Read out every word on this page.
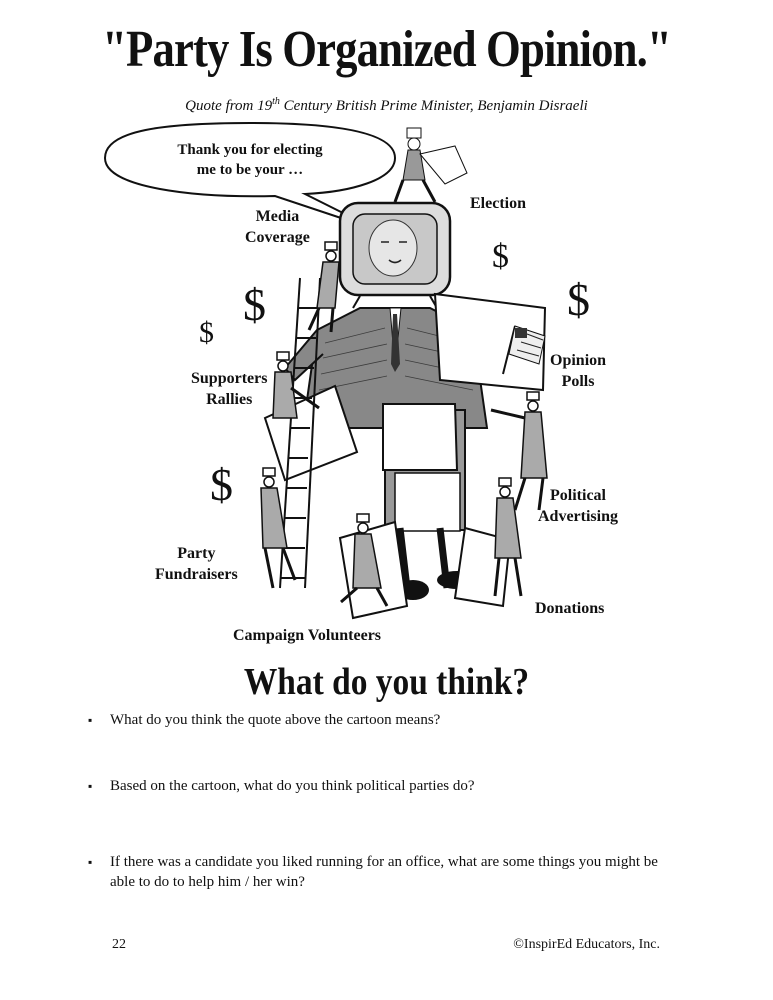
"Party Is Organized Opinion."
Quote from 19th Century British Prime Minister, Benjamin Disraeli
Thank you for electing
me to be your …
Election
Media
Coverage
Opinion
Polls
Supporters
Rallies
Political
Advertising
Party
Fundraisers
Donations
Campaign Volunteers
$
$
$
$
$
What do you think?
▪ What do you think the quote above the cartoon means?
▪ Based on the cartoon, what do you think political parties do?
▪ If there was a candidate you liked running for an office, what are some things you might be able to do to help him / her win?
22	©InspirEd Educators, Inc.
